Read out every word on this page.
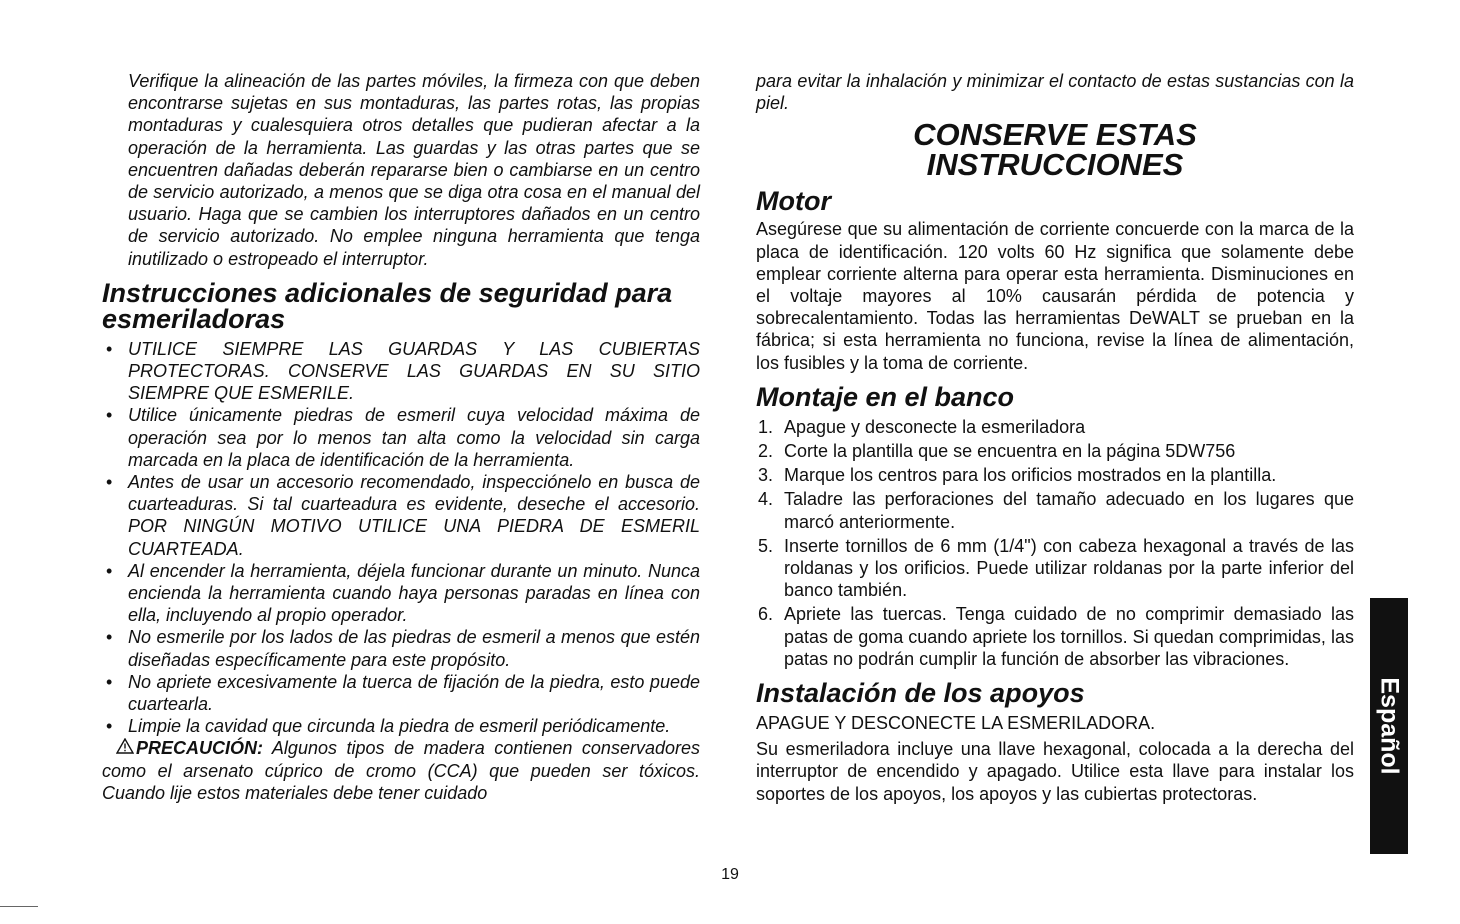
Verifique la alineación de las partes móviles, la firmeza con que deben encontrarse sujetas en sus montaduras, las partes rotas, las propias montaduras y cualesquiera otros detalles que pudieran afectar a la operación de la herramienta. Las guardas y las otras partes que se encuentren dañadas deberán repararse bien o cambiarse en un centro de servicio autorizado, a menos que se diga otra cosa en el manual del usuario. Haga que se cambien los interruptores dañados en un centro de servicio autorizado. No emplee ninguna herramienta que tenga inutilizado o estropeado el interruptor.

Instrucciones adicionales de seguridad para esmeriladoras
• UTILICE SIEMPRE LAS GUARDAS Y LAS CUBIERTAS PROTECTORAS. CONSERVE LAS GUARDAS EN SU SITIO SIEMPRE QUE ESMERILE.
• Utilice únicamente piedras de esmeril cuya velocidad máxima de operación sea por lo menos tan alta como la velocidad sin carga marcada en la placa de identificación de la herramienta.
• Antes de usar un accesorio recomendado, inspecciónelo en busca de cuarteaduras. Si tal cuarteadura es evidente, deseche el accesorio. POR NINGÚN MOTIVO UTILICE UNA PIEDRA DE ESMERIL CUARTEADA.
• Al encender la herramienta, déjela funcionar durante un minuto. Nunca encienda la herramienta cuando haya personas paradas en línea con ella, incluyendo al propio operador.
• No esmerile por los lados de las piedras de esmeril a menos que estén diseñadas específicamente para este propósito.
• No apriete excesivamente la tuerca de fijación de la piedra, esto puede cuartearla.
• Limpie la cavidad que circunda la piedra de esmeril periódicamente.

PRECAUCIÓN: Algunos tipos de madera contienen conservadores como el arsenato cúprico de cromo (CCA) que pueden ser tóxicos. Cuando lije estos materiales debe tener cuidado

para evitar la inhalación y minimizar el contacto de estas sustancias con la piel.

CONSERVE ESTAS
INSTRUCCIONES
Motor

Asegúrese que su alimentación de corriente concuerde con la marca de la placa de identificación. 120 volts 60 Hz significa que solamente debe emplear corriente alterna para operar esta herramienta. Disminuciones en el voltaje mayores al 10% causarán pérdida de potencia y sobrecalentamiento. Todas las herramientas DeWALT se prueban en la fábrica; si esta herramienta no funciona, revise la línea de alimentación, los fusibles y la toma de corriente.

Montaje en el banco
1. Apague y desconecte la esmeriladora
2. Corte la plantilla que se encuentra en la página 5DW756
3. Marque los centros para los orificios mostrados en la plantilla.
4. Taladre las perforaciones del tamaño adecuado en los lugares que marcó anteriormente.
5. Inserte tornillos de 6 mm (1/4") con cabeza hexagonal a través de las roldanas y los orificios. Puede utilizar roldanas por la parte inferior del banco también.
6. Apriete las tuercas. Tenga cuidado de no comprimir demasiado las patas de goma cuando apriete los tornillos. Si quedan comprimidas, las patas no podrán cumplir la función de absorber las vibraciones.
Instalación de los apoyos

APAGUE Y DESCONECTE LA ESMERILADORA.

Su esmeriladora incluye una llave hexagonal, colocada a la derecha del interruptor de encendido y apagado. Utilice esta llave para instalar los soportes de los apoyos, los apoyos y las cubiertas protectoras.

19
Español
